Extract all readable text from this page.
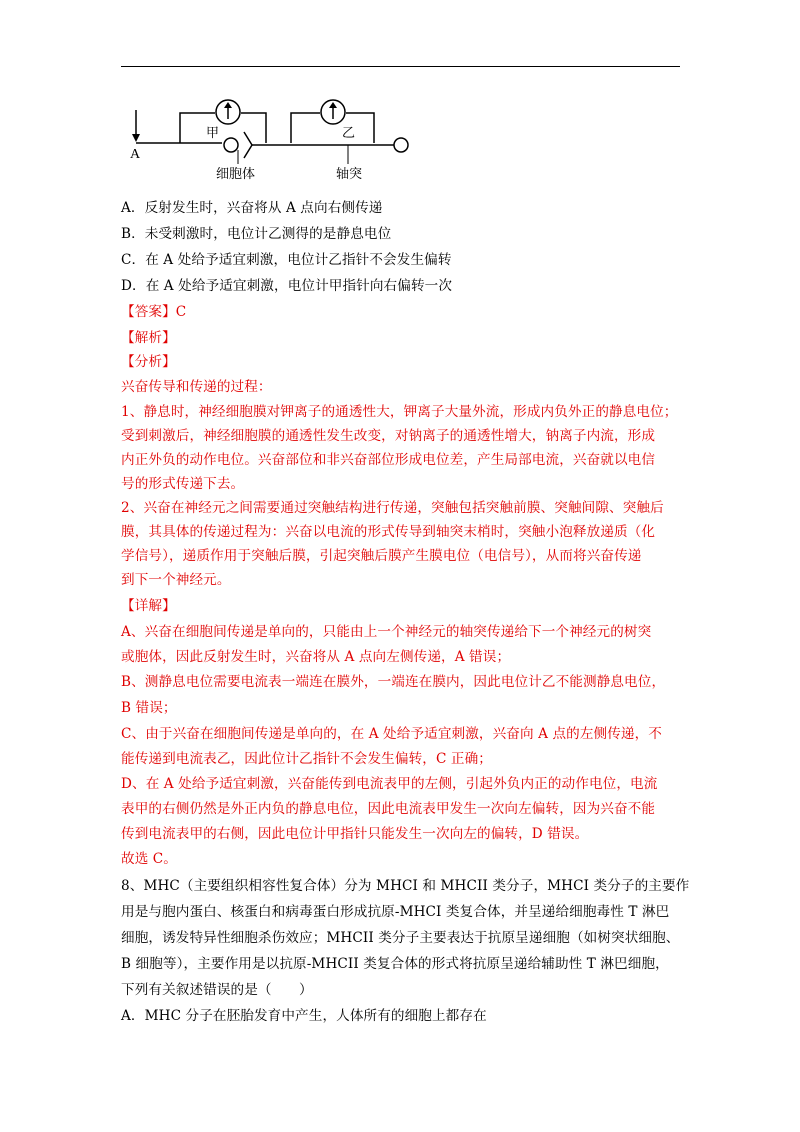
A
甲	乙
细胞体	轴突
A．反射发生时，兴奋将从 A 点向右侧传递
B．未受刺激时，电位计乙测得的是静息电位
C．在 A 处给予适宜刺激，电位计乙指针不会发生偏转
D．在 A 处给予适宜刺激，电位计甲指针向右偏转一次
【答案】C
【解析】
【分析】
兴奋传导和传递的过程：
1、静息时，神经细胞膜对钾离子的通透性大，钾离子大量外流，形成内负外正的静息电位；
受到刺激后，神经细胞膜的通透性发生改变，对钠离子的通透性增大，钠离子内流，形成
内正外负的动作电位。兴奋部位和非兴奋部位形成电位差，产生局部电流，兴奋就以电信
号的形式传递下去。
2、兴奋在神经元之间需要通过突触结构进行传递，突触包括突触前膜、突触间隙、突触后
膜，其具体的传递过程为：兴奋以电流的形式传导到轴突末梢时，突触小泡释放递质（化
学信号），递质作用于突触后膜，引起突触后膜产生膜电位（电信号），从而将兴奋传递
到下一个神经元。
【详解】
A、兴奋在细胞间传递是单向的，只能由上一个神经元的轴突传递给下一个神经元的树突
或胞体，因此反射发生时，兴奋将从 A 点向左侧传递，A 错误；
B、测静息电位需要电流表一端连在膜外，一端连在膜内，因此电位计乙不能测静息电位，
B 错误；
C、由于兴奋在细胞间传递是单向的，在 A 处给予适宜刺激，兴奋向 A 点的左侧传递，不
能传递到电流表乙，因此位计乙指针不会发生偏转，C 正确；
D、在 A 处给予适宜刺激，兴奋能传到电流表甲的左侧，引起外负内正的动作电位，电流
表甲的右侧仍然是外正内负的静息电位，因此电流表甲发生一次向左偏转，因为兴奋不能
传到电流表甲的右侧，因此电位计甲指针只能发生一次向左的偏转，D 错误。
故选 C。
8、MHC（主要组织相容性复合体）分为 MHCI 和 MHCII 类分子，MHCI 类分子的主要作
用是与胞内蛋白、核蛋白和病毒蛋白形成抗原-MHCI 类复合体，并呈递给细胞毒性 T 淋巴
细胞，诱发特异性细胞杀伤效应；MHCII 类分子主要表达于抗原呈递细胞（如树突状细胞、
B 细胞等），主要作用是以抗原-MHCII 类复合体的形式将抗原呈递给辅助性 T 淋巴细胞，
下列有关叙述错误的是（　　）
A．MHC 分子在胚胎发育中产生，人体所有的细胞上都存在
